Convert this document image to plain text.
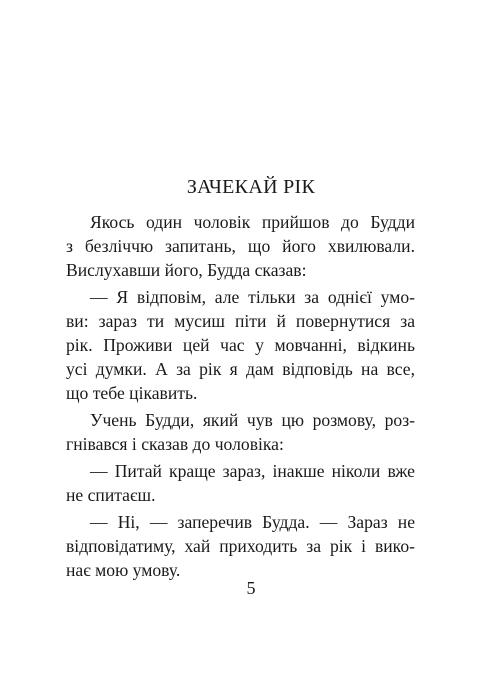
ЗАЧЕКАЙ РІК
Якось один чоловік прийшов до Будди
з безліччю запитань, що його хвилювали.
Вислухавши його, Будда сказав:
— Я відповім, але тільки за однієї умо-
ви: зараз ти мусиш піти й повернутися за
рік. Проживи цей час у мовчанні, відкинь
усі думки. А за рік я дам відповідь на все,
що тебе цікавить.
Учень Будди, який чув цю розмову, роз-
гнівався і сказав до чоловіка:
— Питай краще зараз, інакше ніколи вже
не спитаєш.
— Ні, — заперечив Будда. — Зараз не
відповідатиму, хай приходить за рік і вико-
нає мою умову.
5
